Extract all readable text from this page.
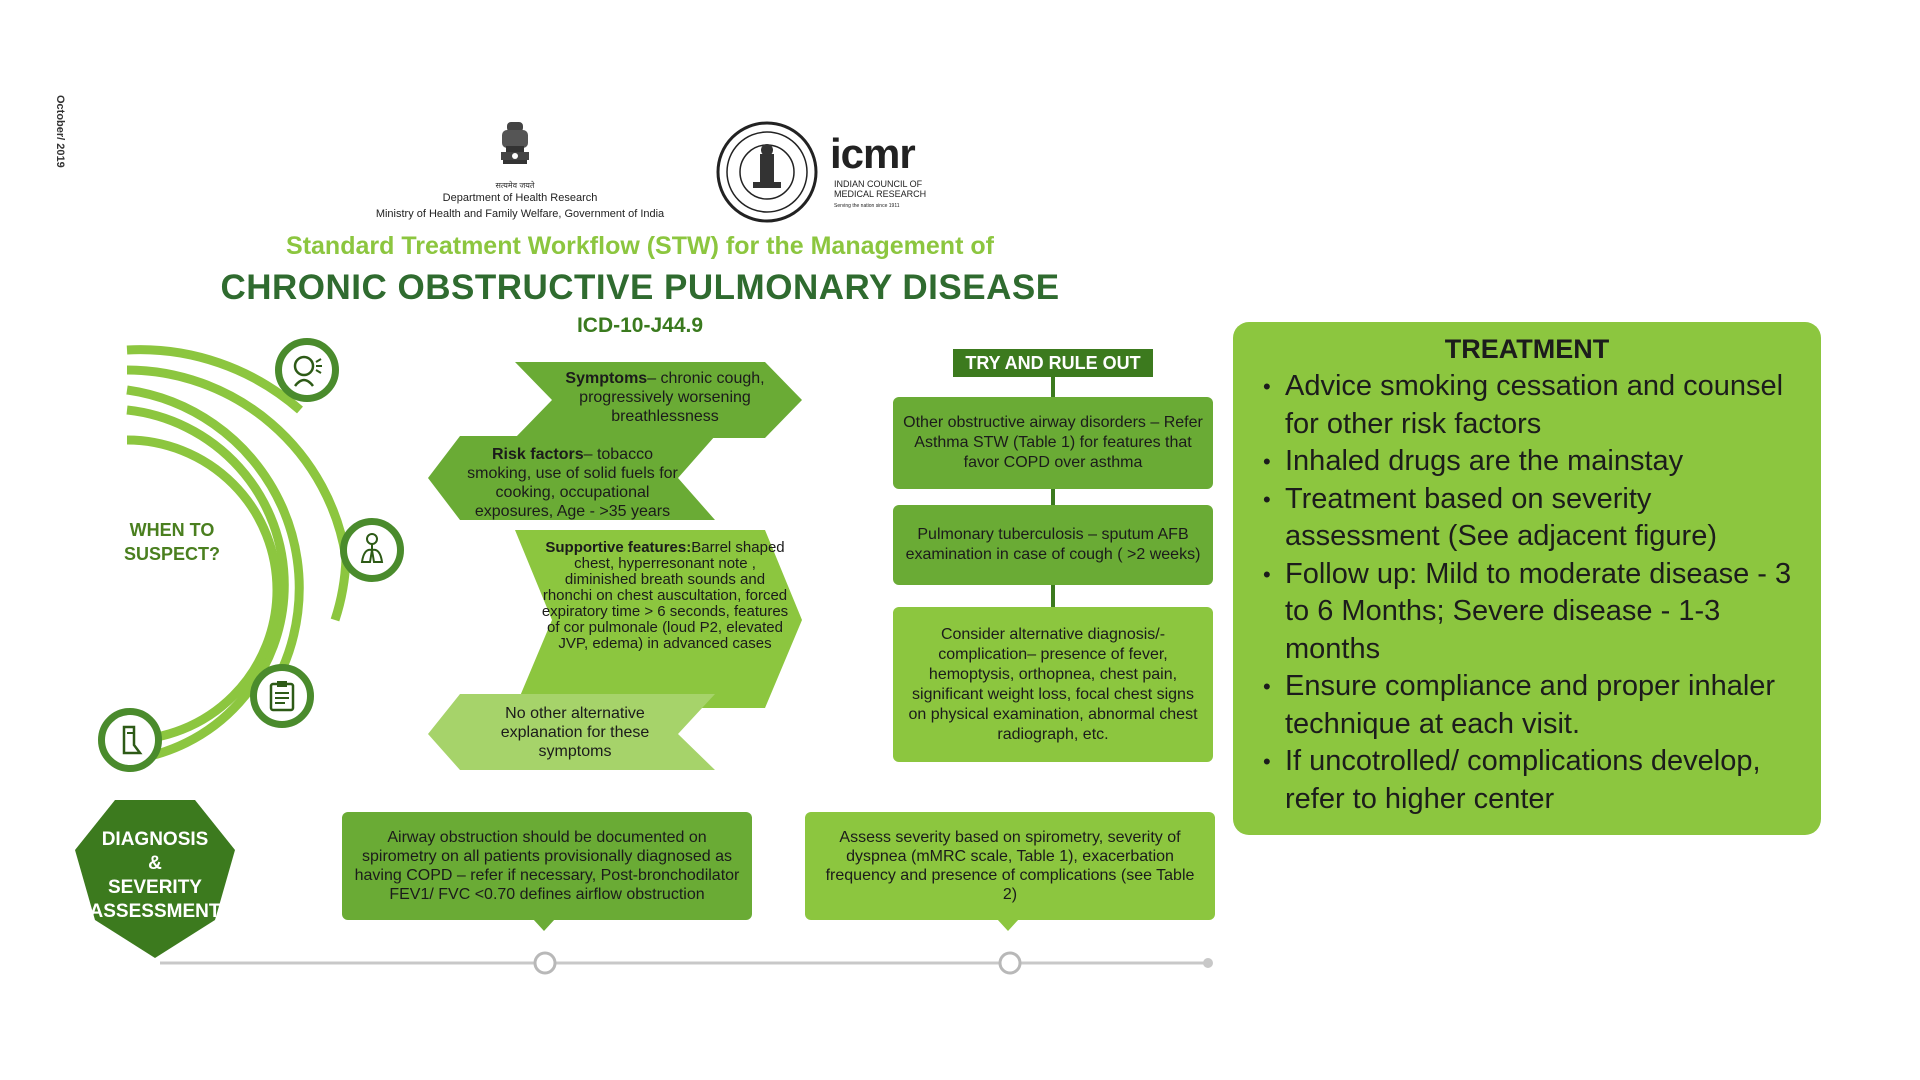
October/ 2019
सत्यमेव जयते
Department of Health Research
Ministry of Health and Family Welfare, Government of India
icmr
INDIAN COUNCIL OF
MEDICAL RESEARCH
Serving the nation since 1911
Standard Treatment Workflow (STW) for the Management of
CHRONIC OBSTRUCTIVE PULMONARY DISEASE
ICD-10-J44.9
WHEN TO
SUSPECT?
Symptoms– chronic cough, progressively worsening breathlessness
Risk factors– tobacco smoking, use of solid fuels for cooking, occupational exposures, Age - >35 years
Supportive features:Barrel shaped chest, hyperresonant note , diminished breath sounds and rhonchi on chest auscultation, forced expiratory time > 6 seconds, features of cor pulmonale (loud P2, elevated JVP, edema) in advanced cases
No other alternative explanation for these symptoms
TRY AND RULE OUT
Other obstructive airway disorders – Refer Asthma STW (Table 1) for features that favor COPD over asthma
Pulmonary tuberculosis – sputum AFB examination in case of cough ( >2 weeks)
Consider alternative diagnosis/- complication– presence of fever, hemoptysis, orthopnea, chest pain, significant weight loss, focal chest signs on physical examination, abnormal chest radiograph, etc.
TREATMENT
• Advice smoking cessation and counsel for other risk factors
• Inhaled drugs are the mainstay
• Treatment based on severity assessment (See adjacent figure)
• Follow up: Mild to moderate disease - 3 to 6 Months; Severe disease - 1-3 months
• Ensure compliance and proper inhaler technique at each visit.
• If uncotrolled/ complications develop, refer to higher center
DIAGNOSIS
&
SEVERITY
ASSESSMENT
Airway obstruction should be documented on spirometry on all patients provisionally diagnosed as having COPD – refer if necessary, Post-bronchodilator FEV1/ FVC <0.70 defines airflow obstruction
Assess severity based on spirometry, severity of dyspnea (mMRC scale, Table 1), exacerbation frequency and presence of complications (see Table 2)
